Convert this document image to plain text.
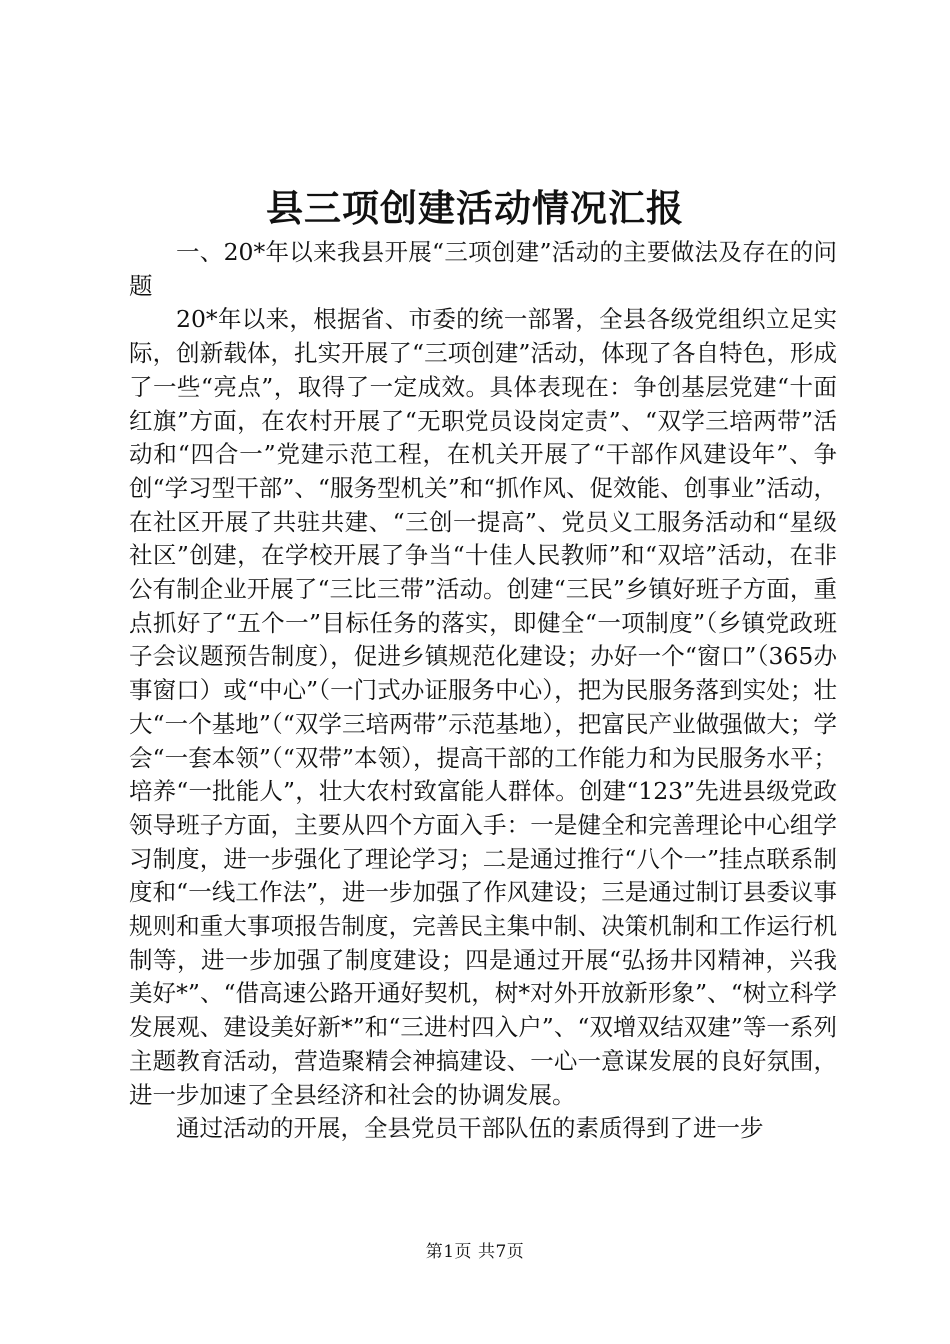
县三项创建活动情况汇报

一、20*年以来我县开展“三项创建”活动的主要做法及存在的问题

20*年以来，根据省、市委的统一部署，全县各级党组织立足实际，创新载体，扎实开展了“三项创建”活动，体现了各自特色，形成了一些“亮点”，取得了一定成效。具体表现在：争创基层党建“十面红旗”方面，在农村开展了“无职党员设岗定责”、“双学三培两带”活动和“四合一”党建示范工程，在机关开展了“干部作风建设年”、争创“学习型干部”、“服务型机关”和“抓作风、促效能、创事业”活动，在社区开展了共驻共建、“三创一提高”、党员义工服务活动和“星级社区”创建，在学校开展了争当“十佳人民教师”和“双培”活动，在非公有制企业开展了“三比三带”活动。创建“三民”乡镇好班子方面，重点抓好了“五个一”目标任务的落实，即健全“一项制度”（乡镇党政班子会议题预告制度），促进乡镇规范化建设；办好一个“窗口”（365办事窗口）或“中心”（一门式办证服务中心），把为民服务落到实处；壮大“一个基地”（“双学三培两带”示范基地），把富民产业做强做大；学会“一套本领”（“双带”本领），提高干部的工作能力和为民服务水平；培养“一批能人”，壮大农村致富能人群体。创建“123”先进县级党政领导班子方面，主要从四个方面入手：一是健全和完善理论中心组学习制度，进一步强化了理论学习；二是通过推行“八个一”挂点联系制度和“一线工作法”，进一步加强了作风建设；三是通过制订县委议事规则和重大事项报告制度，完善民主集中制、决策机制和工作运行机制等，进一步加强了制度建设；四是通过开展“弘扬井冈精神，兴我美好*”、“借高速公路开通好契机，树*对外开放新形象”、“树立科学发展观、建设美好新*”和“三进村四入户”、“双增双结双建”等一系列主题教育活动，营造聚精会神搞建设、一心一意谋发展的良好氛围，进一步加速了全县经济和社会的协调发展。

通过活动的开展，全县党员干部队伍的素质得到了进一步

第1页 共7页
